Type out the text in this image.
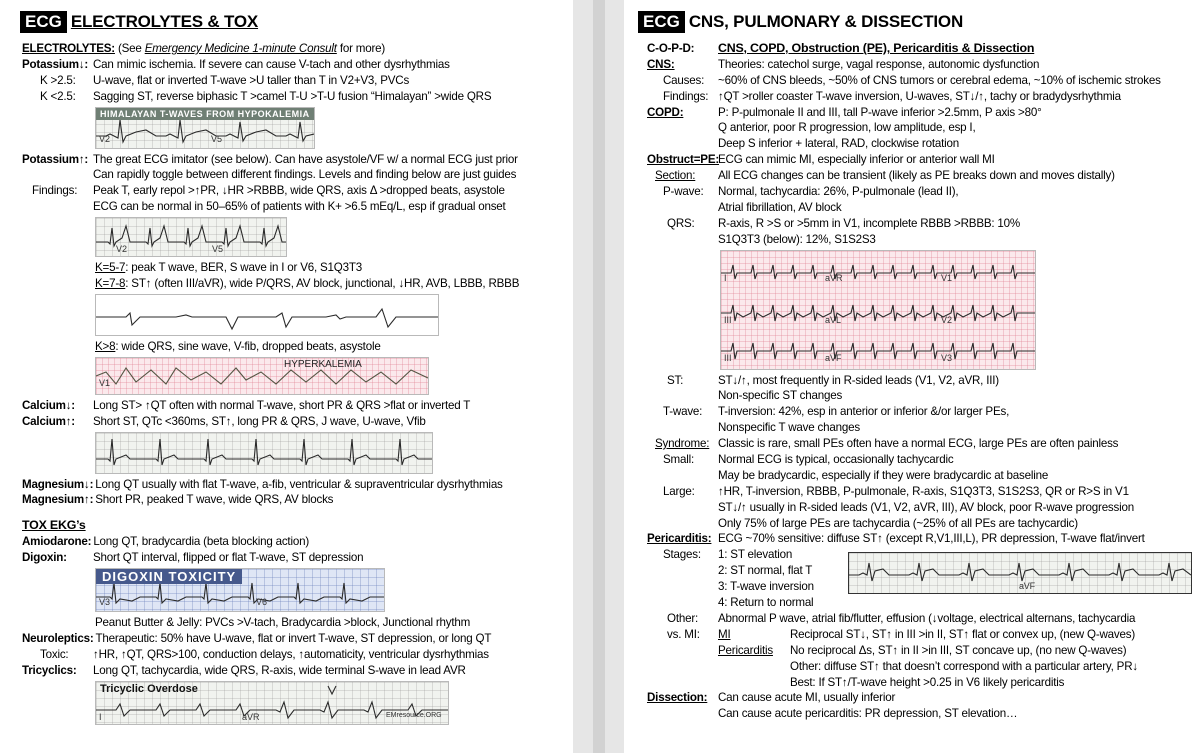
ECG ELECTROLYTES & TOX
ELECTROLYTES: (See Emergency Medicine 1-minute Consult for more)
Potassium↓: Can mimic ischemia. If severe can cause V-tach and other dysrhythmias
K >2.5:	U-wave, flat or inverted T-wave >U taller than T in V2+V3, PVCs
K <2.5:	Sagging ST, reverse biphasic T >camel T-U >T-U fusion “Himalayan” >wide QRS
HIMALAYAN T-WAVES FROM HYPOKALEMIA
V2	V5
Potassium↑: The great ECG imitator (see below). Can have asystole/VF w/ a normal ECG just prior
Can rapidly toggle between different findings. Levels and finding below are just guides
Findings:	Peak T, early repol >↑PR, ↓HR >RBBB, wide QRS, axis Δ >dropped beats, asystole
ECG can be normal in 50–65% of patients with K+ >6.5 mEq/L, esp if gradual onset
V2	V5
K=5-7 : peak T wave, BER, S wave in I or V6, S1Q3T3
K=7-8 : ST↑ (often III/aVR), wide P/QRS, AV block, junctional, ↓HR, AVB, LBBB, RBBB
K>8 : wide QRS, sine wave, V-fib, dropped beats, asystole
HYPERKALEMIA
V1
Calcium↓:	Long ST> ↑QT often with normal T-wave, short PR & QRS >flat or inverted T
Calcium↑:	Short ST, QTc <360ms, ST↑, long PR & QRS, J wave, U-wave, Vfib
Magnesium↓: Long QT usually with flat T-wave, a-fib, ventricular & supraventricular dysrhythmias
Magnesium↑: Short PR, peaked T wave, wide QRS, AV blocks
TOX EKG’s
Amiodarone: Long QT, bradycardia (beta blocking action)
Digoxin:	Short QT interval, flipped or flat T-wave, ST depression
DIGOXIN TOXICITY
V3	V6
Peanut Butter & Jelly: PVCs >V-tach, Bradycardia >block, Junctional rhythm
Neuroleptics: Therapeutic: 50% have U-wave, flat or invert T-wave, ST depression, or long QT
Toxic:	↑HR, ↑QT, QRS>100, conduction delays, ↑automaticity, ventricular dysrhythmias
Tricyclics:	Long QT, tachycardia, wide QRS, R-axis, wide terminal S-wave in lead AVR
Tricyclic Overdose
I	aVR	EMresource.ORG
ECG CNS, PULMONARY & DISSECTION
C-O-P-D:	CNS, COPD, Obstruction (PE), Pericarditis & Dissection
CNS:	Theories: catechol surge, vagal response, autonomic dysfunction
Causes:	~60% of CNS bleeds, ~50% of CNS tumors or cerebral edema, ~10% of ischemic strokes
Findings: ↑QT >roller coaster T-wave inversion, U-waves, ST↓/↑, tachy or bradydysrhythmia
COPD:	P: P-pulmonale II and III, tall P-wave inferior >2.5mm, P axis >80°
Q anterior, poor R progression, low amplitude, esp I,
Deep S inferior + lateral, RAD, clockwise rotation
Obstruct=PE:
ECG can mimic MI, especially inferior or anterior wall MI
Section:	All ECG changes can be transient (likely as PE breaks down and moves distally)
P-wave:	Normal, tachycardia: 26%, P-pulmonale (lead II),
Atrial fibrillation, AV block
QRS:	R-axis, R >S or >5mm in V1, incomplete RBBB >RBBB: 10%
S1Q3T3 (below): 12%, S1S2S3
I	aVR	V1
III	aVL	V2
III	aVF	V3
ST:	ST↓/↑, most frequently in R-sided leads (V1, V2, aVR, III)
Non-specific ST changes
T-wave:	T-inversion: 42%, esp in anterior or inferior &/or larger PEs,
Nonspecific T wave changes
Syndrome: Classic is rare, small PEs often have a normal ECG, large PEs are often painless
Small:	Normal ECG is typical, occasionally tachycardic
May be bradycardic, especially if they were bradycardic at baseline
Large:	↑HR, T-inversion, RBBB, P-pulmonale, R-axis, S1Q3T3, S1S2S3, QR or R>S in V1
ST↓/↑ usually in R-sided leads (V1, V2, aVR, III), AV block, poor R-wave progression
Only 75% of large PEs are tachycardia (~25% of all PEs are tachycardic)
Pericarditis: ECG ~70% sensitive: diffuse ST↑ (except R,V1,III,L), PR depression, T-wave flat/invert
Stages:	1: ST elevation
aVF
2: ST normal, flat T
3: T-wave inversion
4: Return to normal
Other:	Abnormal P wave, atrial fib/flutter, effusion (↓voltage, electrical alternans, tachycardia
vs. MI:	MI	Reciprocal ST↓, ST↑ in III >in II, ST↑ flat or convex up, (new Q-waves)
Pericarditis	No reciprocal Δs, ST↑ in II >in III, ST concave up, (no new Q-waves)
Other: diffuse ST↑ that doesn’t correspond with a particular artery, PR↓
Best: If ST↑/T-wave height >0.25 in V6 likely pericarditis
Dissection: Can cause acute MI, usually inferior
Can cause acute pericarditis: PR depression, ST elevation…
